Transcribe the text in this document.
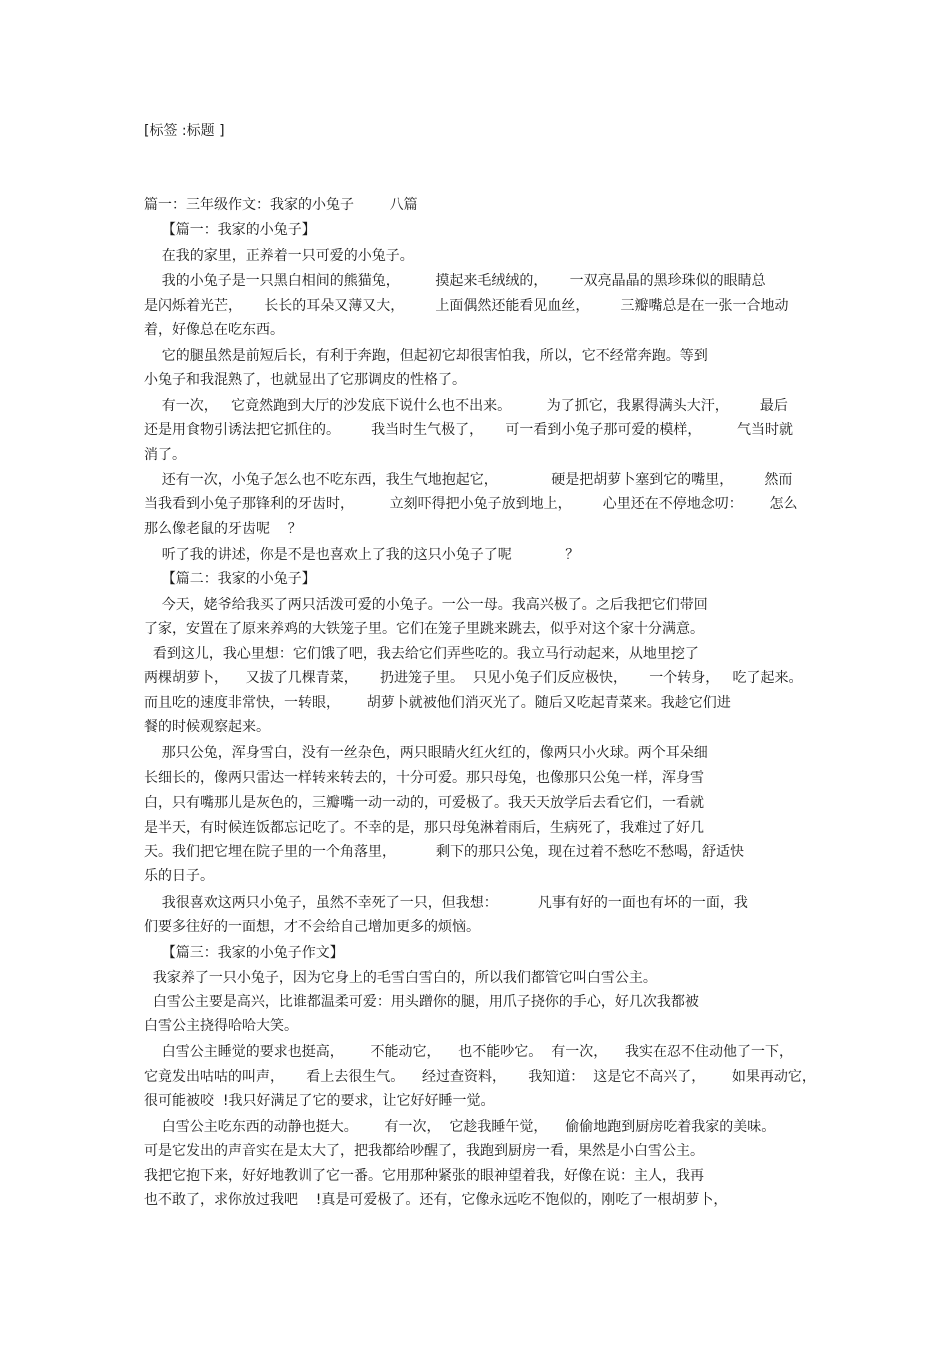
[标签 :标题 ]
篇一：三年级作文：我家的小兔子        八篇
【篇一：我家的小兔子】
在我的家里，正养着一只可爱的小兔子。
我的小兔子是一只黑白相间的熊猫兔，        摸起来毛绒绒的，     一双亮晶晶的黑珍珠似的眼睛总
是闪烁着光芒，     长长的耳朵又薄又大，       上面偶然还能看见血丝，       三瓣嘴总是在一张一合地动
着，好像总在吃东西。
它的腿虽然是前短后长，有利于奔跑，但起初它却很害怕我，所以，它不经常奔跑。等到
小兔子和我混熟了，也就显出了它那调皮的性格了。
有一次，   它竟然跑到大厅的沙发底下说什么也不出来。        为了抓它，我累得满头大汗，       最后
还是用食物引诱法把它抓住的。       我当时生气极了，     可一看到小兔子那可爱的模样，        气当时就
消了。
还有一次，小兔子怎么也不吃东西，我生气地抱起它，            硬是把胡萝卜塞到它的嘴里，       然而
当我看到小兔子那锋利的牙齿时，        立刻吓得把小兔子放到地上，       心里还在不停地念叨：      怎么
那么像老鼠的牙齿呢    ？
听了我的讲述，你是不是也喜欢上了我的这只小兔子了呢            ？
【篇二：我家的小兔子】
今天，姥爷给我买了两只活泼可爱的小兔子。一公一母。我高兴极了。之后我把它们带回
了家，安置在了原来养鸡的大铁笼子里。它们在笼子里跳来跳去，似乎对这个家十分满意。
看到这儿，我心里想：它们饿了吧，我去给它们弄些吃的。我立马行动起来，从地里挖了
两棵胡萝卜，    又拔了几棵青菜，     扔进笼子里。  只见小兔子们反应极快，     一个转身，   吃了起来。
而且吃的速度非常快，一转眼，      胡萝卜就被他们消灭光了。随后又吃起青菜来。我趁它们进
餐的时候观察起来。
那只公兔，浑身雪白，没有一丝杂色，两只眼睛火红火红的，像两只小火球。两个耳朵细
长细长的，像两只雷达一样转来转去的，十分可爱。那只母兔，也像那只公兔一样，浑身雪
白，只有嘴那儿是灰色的，三瓣嘴一动一动的，可爱极了。我天天放学后去看它们，一看就
是半天，有时候连饭都忘记吃了。不幸的是，那只母兔淋着雨后，生病死了，我难过了好几
天。我们把它埋在院子里的一个角落里，         剩下的那只公兔，现在过着不愁吃不愁喝，舒适快
乐的日子。
我很喜欢这两只小兔子，虽然不幸死了一只，但我想：         凡事有好的一面也有坏的一面，我
们要多往好的一面想，才不会给自己增加更多的烦恼。
【篇三：我家的小兔子作文】
我家养了一只小兔子，因为它身上的毛雪白雪白的，所以我们都管它叫白雪公主。
白雪公主要是高兴，比谁都温柔可爱：用头蹭你的腿，用爪子挠你的手心，好几次我都被
白雪公主挠得哈哈大笑。
白雪公主睡觉的要求也挺高，      不能动它，    也不能吵它。  有一次，    我实在忍不住动他了一下，
它竟发出咕咕的叫声，     看上去很生气。    经过查资料，     我知道：  这是它不高兴了，      如果再动它，
很可能被咬  !我只好满足了它的要求，让它好好睡一觉。
白雪公主吃东西的动静也挺大。      有一次，  它趁我睡午觉，    偷偷地跑到厨房吃着我家的美味。
可是它发出的声音实在是太大了，把我都给吵醒了，我跑到厨房一看，果然是小白雪公主。
我把它抱下来，好好地教训了它一番。它用那种紧张的眼神望着我，好像在说：主人，我再
也不敢了，求你放过我吧    !真是可爱极了。还有，它像永远吃不饱似的，刚吃了一根胡萝卜，
